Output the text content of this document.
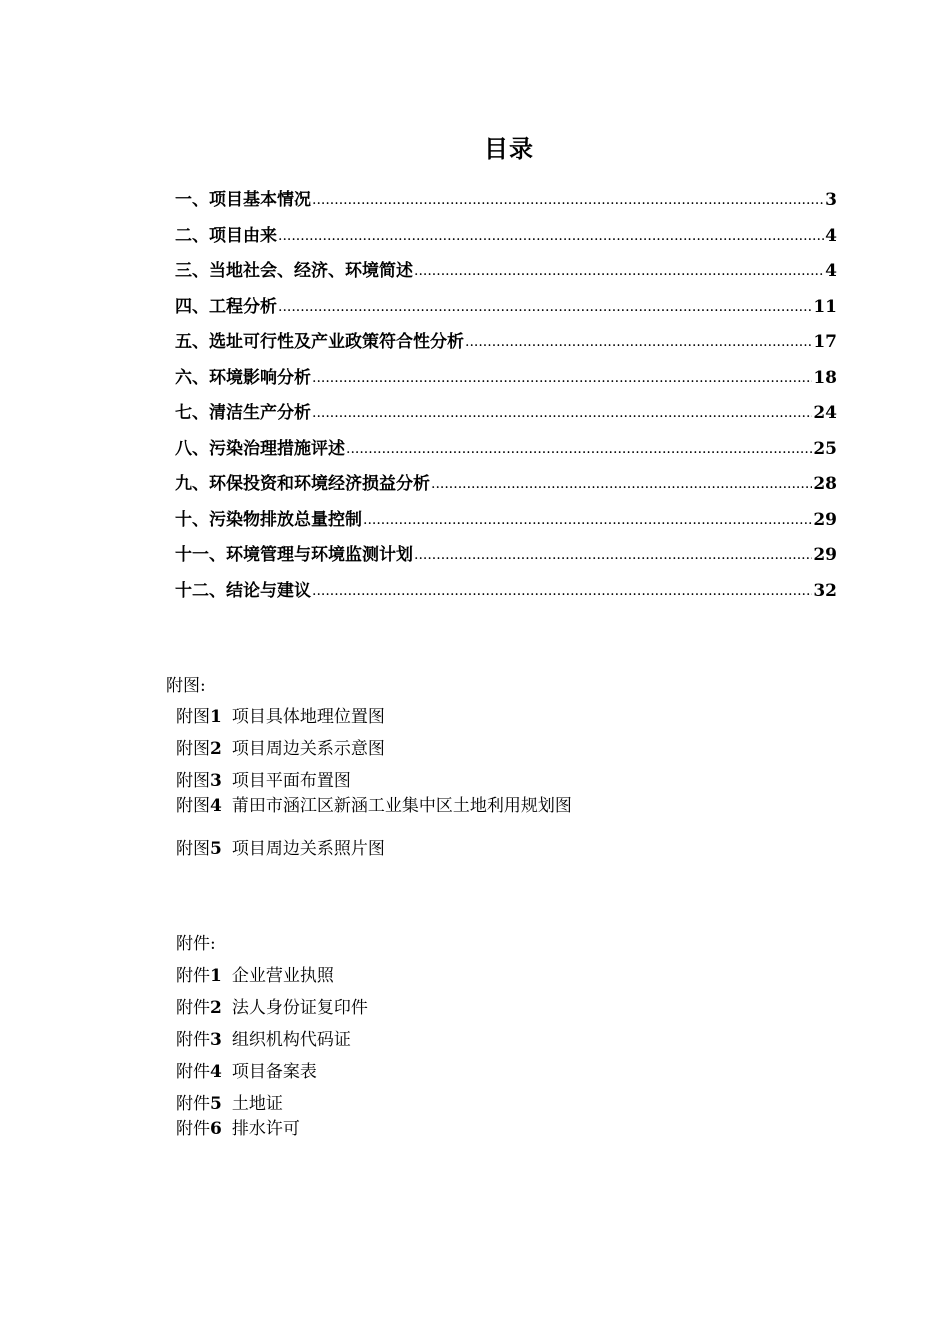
目录
一、项目基本情况 .....	3
二、项目由来 .....	4
三、当地社会、经济、环境简述 .....	4
四、工程分析 .....	11
五、选址可行性及产业政策符合性分析 .....	17
六、环境影响分析 .....	18
七、清洁生产分析 .....	24
八、污染治理措施评述 .....	25
九、环保投资和环境经济损益分析 .....	28
十、污染物排放总量控制 .....	29
十一、环境管理与环境监测计划 .....	29
十二、结论与建议 .....	32
附图:
附图1 项目具体地理位置图
附图2 项目周边关系示意图
附图3 项目平面布置图
附图4 莆田市涵江区新涵工业集中区土地利用规划图
附图5 项目周边关系照片图
附件:
附件1 企业营业执照
附件2 法人身份证复印件
附件3 组织机构代码证
附件4 项目备案表
附件5 土地证
附件6 排水许可
